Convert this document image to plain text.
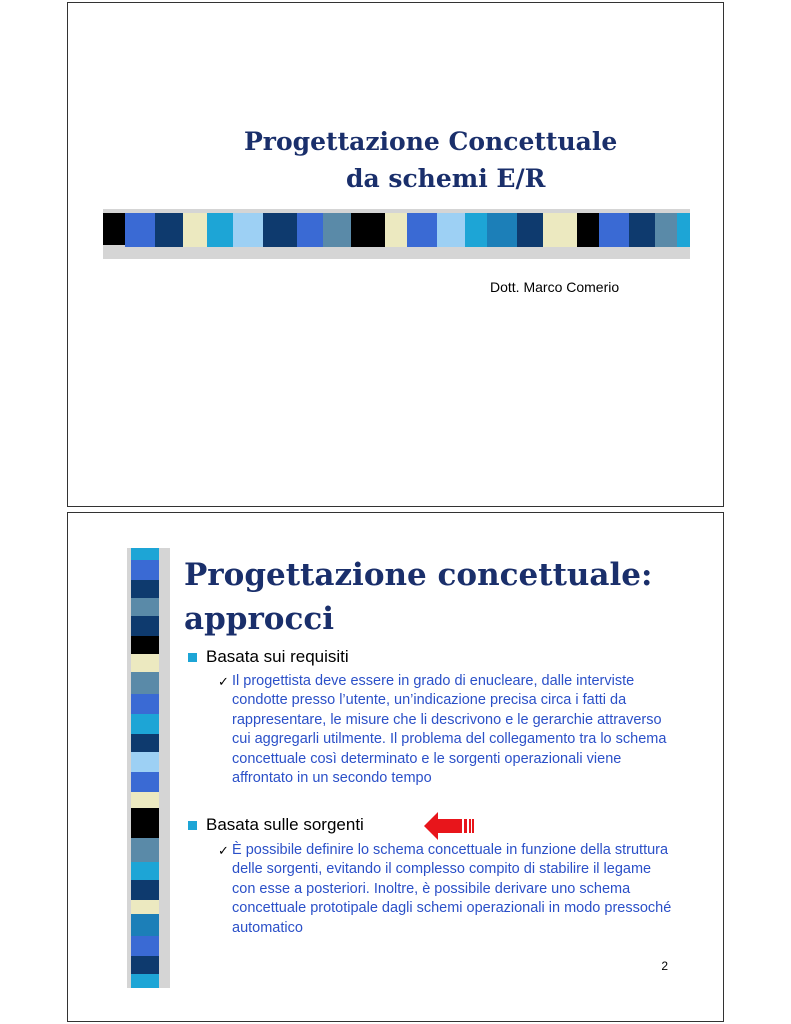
Progettazione Concettuale
da schemi E/R
Dott. Marco Comerio
Progettazione concettuale:
approcci
Basata sui requisiti
✓ Il progettista deve essere in grado di enucleare, dalle interviste condotte presso l’utente, un’indicazione precisa circa i fatti da rappresentare, le misure che li descrivono e le gerarchie attraverso cui aggregarli utilmente. Il problema del collegamento tra lo schema concettuale così determinato e le sorgenti operazionali viene affrontato in un secondo tempo
Basata sulle sorgenti
✓ È possibile definire lo schema concettuale in funzione della struttura delle sorgenti, evitando il complesso compito di stabilire il legame con esse a posteriori. Inoltre, è possibile derivare uno schema concettuale prototipale dagli schemi operazionali in modo pressoché automatico
2
